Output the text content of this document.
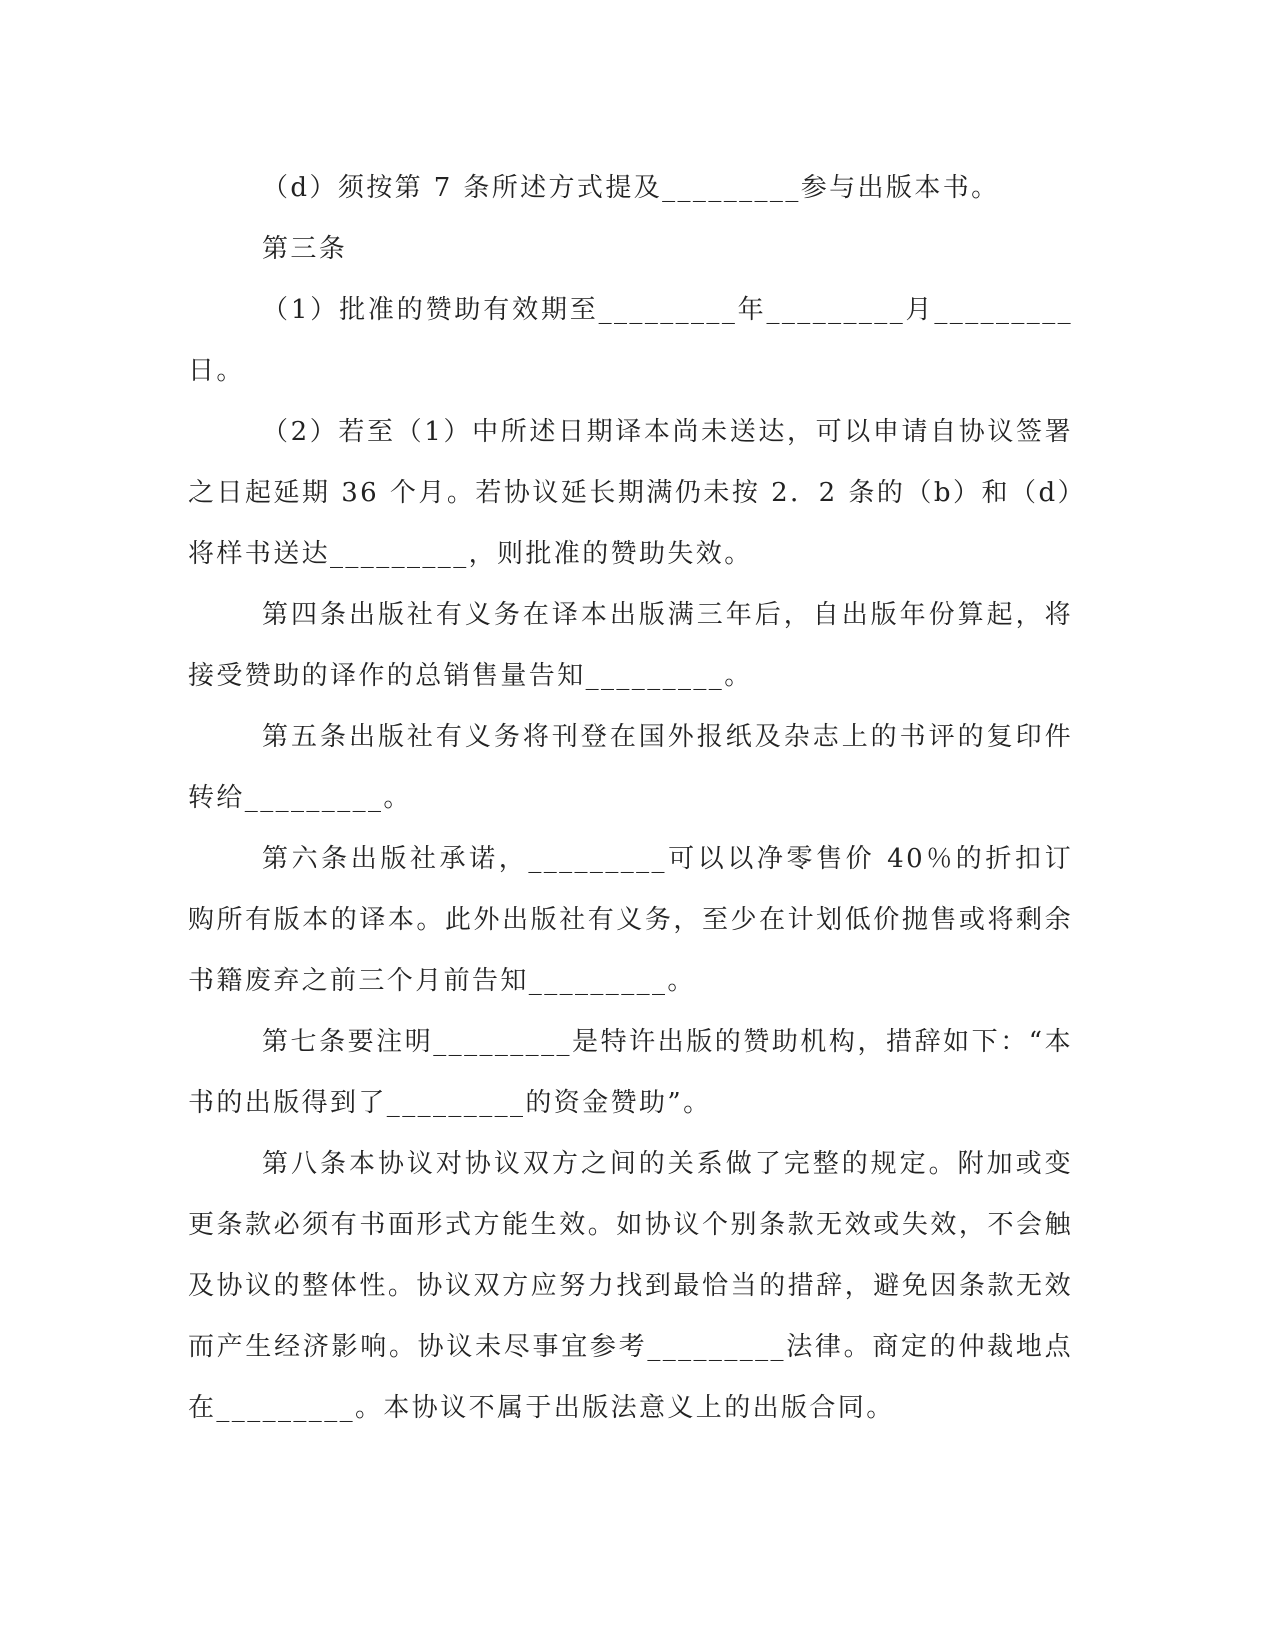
（d）须按第 7 条所述方式提及_________参与出版本书。

第三条

（1）批准的赞助有效期至_________年_________月_________日。

（2）若至（1）中所述日期译本尚未送达，可以申请自协议签署之日起延期 36 个月。若协议延长期满仍未按 2．2 条的（b）和（d）将样书送达_________，则批准的赞助失效。

第四条出版社有义务在译本出版满三年后，自出版年份算起，将接受赞助的译作的总销售量告知_________。

第五条出版社有义务将刊登在国外报纸及杂志上的书评的复印件转给_________。

第六条出版社承诺，_________可以以净零售价 40％的折扣订购所有版本的译本。此外出版社有义务，至少在计划低价抛售或将剩余书籍废弃之前三个月前告知_________。

第七条要注明_________是特许出版的赞助机构，措辞如下：“本书的出版得到了_________的资金赞助”。

第八条本协议对协议双方之间的关系做了完整的规定。附加或变更条款必须有书面形式方能生效。如协议个别条款无效或失效，不会触及协议的整体性。协议双方应努力找到最恰当的措辞，避免因条款无效而产生经济影响。协议未尽事宜参考_________法律。商定的仲裁地点在_________。本协议不属于出版法意义上的出版合同。
